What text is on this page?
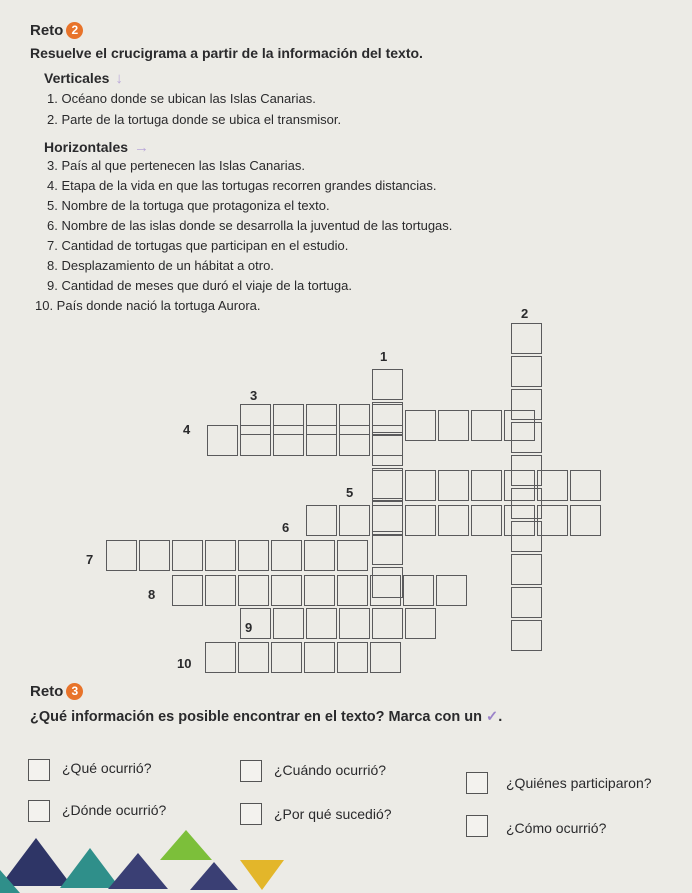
Reto 2
Resuelve el crucigrama a partir de la información del texto.
Verticales ↓
1. Océano donde se ubican las Islas Canarias.
2. Parte de la tortuga donde se ubica el transmisor.
Horizontales →
3. País al que pertenecen las Islas Canarias.
4. Etapa de la vida en que las tortugas recorren grandes distancias.
5. Nombre de la tortuga que protagoniza el texto.
6. Nombre de las islas donde se desarrolla la juventud de las tortugas.
7. Cantidad de tortugas que participan en el estudio.
8. Desplazamiento de un hábitat a otro.
9. Cantidad de meses que duró el viaje de la tortuga.
10. País donde nació la tortuga Aurora.
1
2
3
4
5
6
7
8
9
10
Reto 3
¿Qué información es posible encontrar en el texto? Marca con un ✓.
¿Qué ocurrió?	¿Cuándo ocurrió?
¿Quiénes participaron?
¿Dónde ocurrió?	¿Por qué sucedió?
¿Cómo ocurrió?
